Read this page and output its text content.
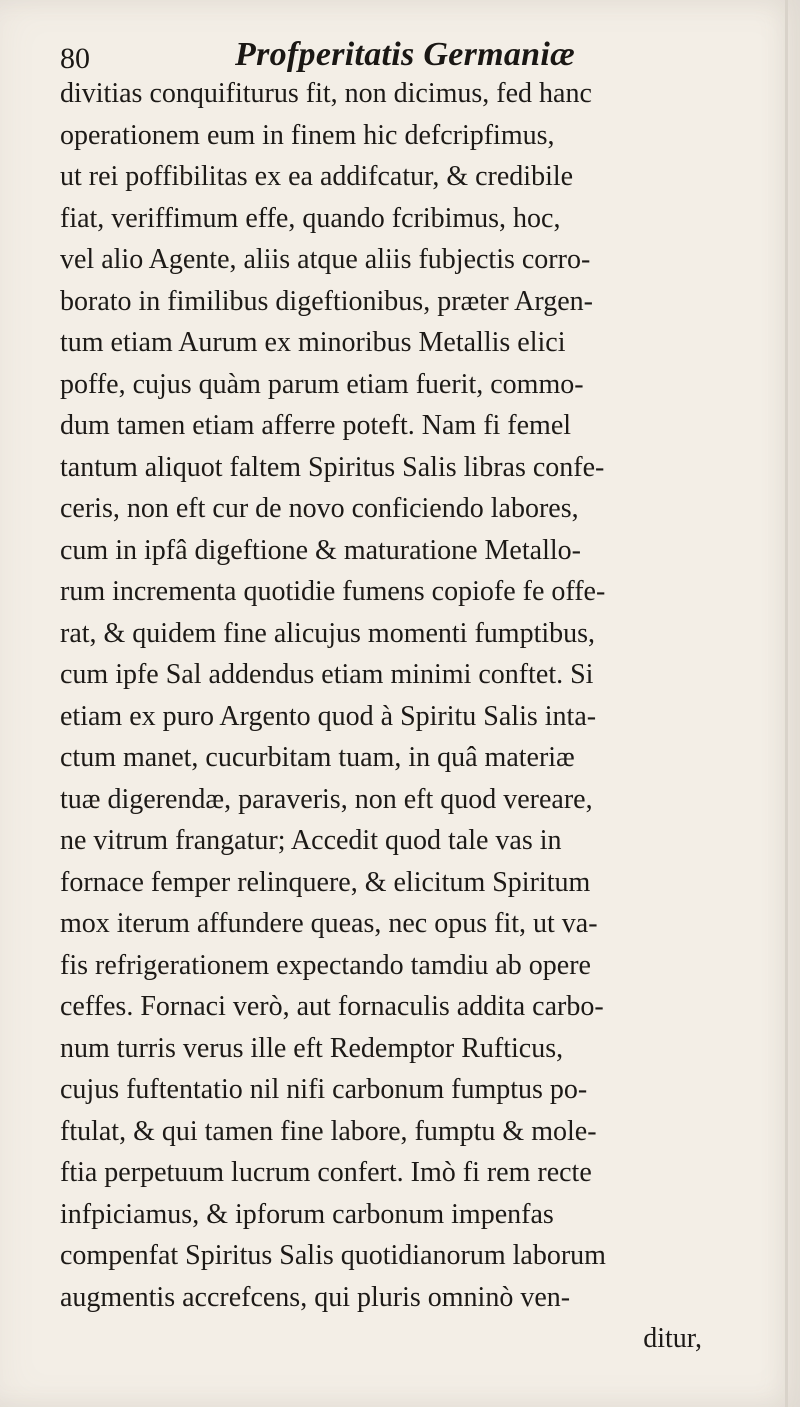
80	Profperitatis Germaniæ
divitias conquifiturus fit, non dicimus, fed hanc
operationem eum in finem hic defcripfimus,
ut rei poffibilitas ex ea addifcatur, & credibile
fiat, veriffimum effe, quando fcribimus, hoc,
vel alio Agente, aliis atque aliis fubjectis corro-
borato in fimilibus digeftionibus, præter Argen-
tum etiam Aurum ex minoribus Metallis elici
poffe, cujus quàm parum etiam fuerit, commo-
dum tamen etiam afferre poteft. Nam fi femel
tantum aliquot faltem Spiritus Salis libras confe-
ceris, non eft cur de novo conficiendo labores,
cum in ipfâ digeftione & maturatione Metallo-
rum incrementa quotidie fumens copiofe fe offe-
rat, & quidem fine alicujus momenti fumptibus,
cum ipfe Sal addendus etiam minimi conftet. Si
etiam ex puro Argento quod à Spiritu Salis inta-
ctum manet, cucurbitam tuam, in quâ materiæ
tuæ digerendæ, paraveris, non eft quod vereare,
ne vitrum frangatur; Accedit quod tale vas in
fornace femper relinquere, & elicitum Spiritum
mox iterum affundere queas, nec opus fit, ut va-
fis refrigerationem expectando tamdiu ab opere
ceffes. Fornaci verò, aut fornaculis addita carbo-
num turris verus ille eft Redemptor Rufticus,
cujus fuftentatio nil nifi carbonum fumptus po-
ftulat, & qui tamen fine labore, fumptu & mole-
ftia perpetuum lucrum confert. Imò fi rem recte
infpiciamus, & ipforum carbonum impenfas
compenfat Spiritus Salis quotidianorum laborum
augmentis accrefcens, qui pluris omninò ven-
ditur,
